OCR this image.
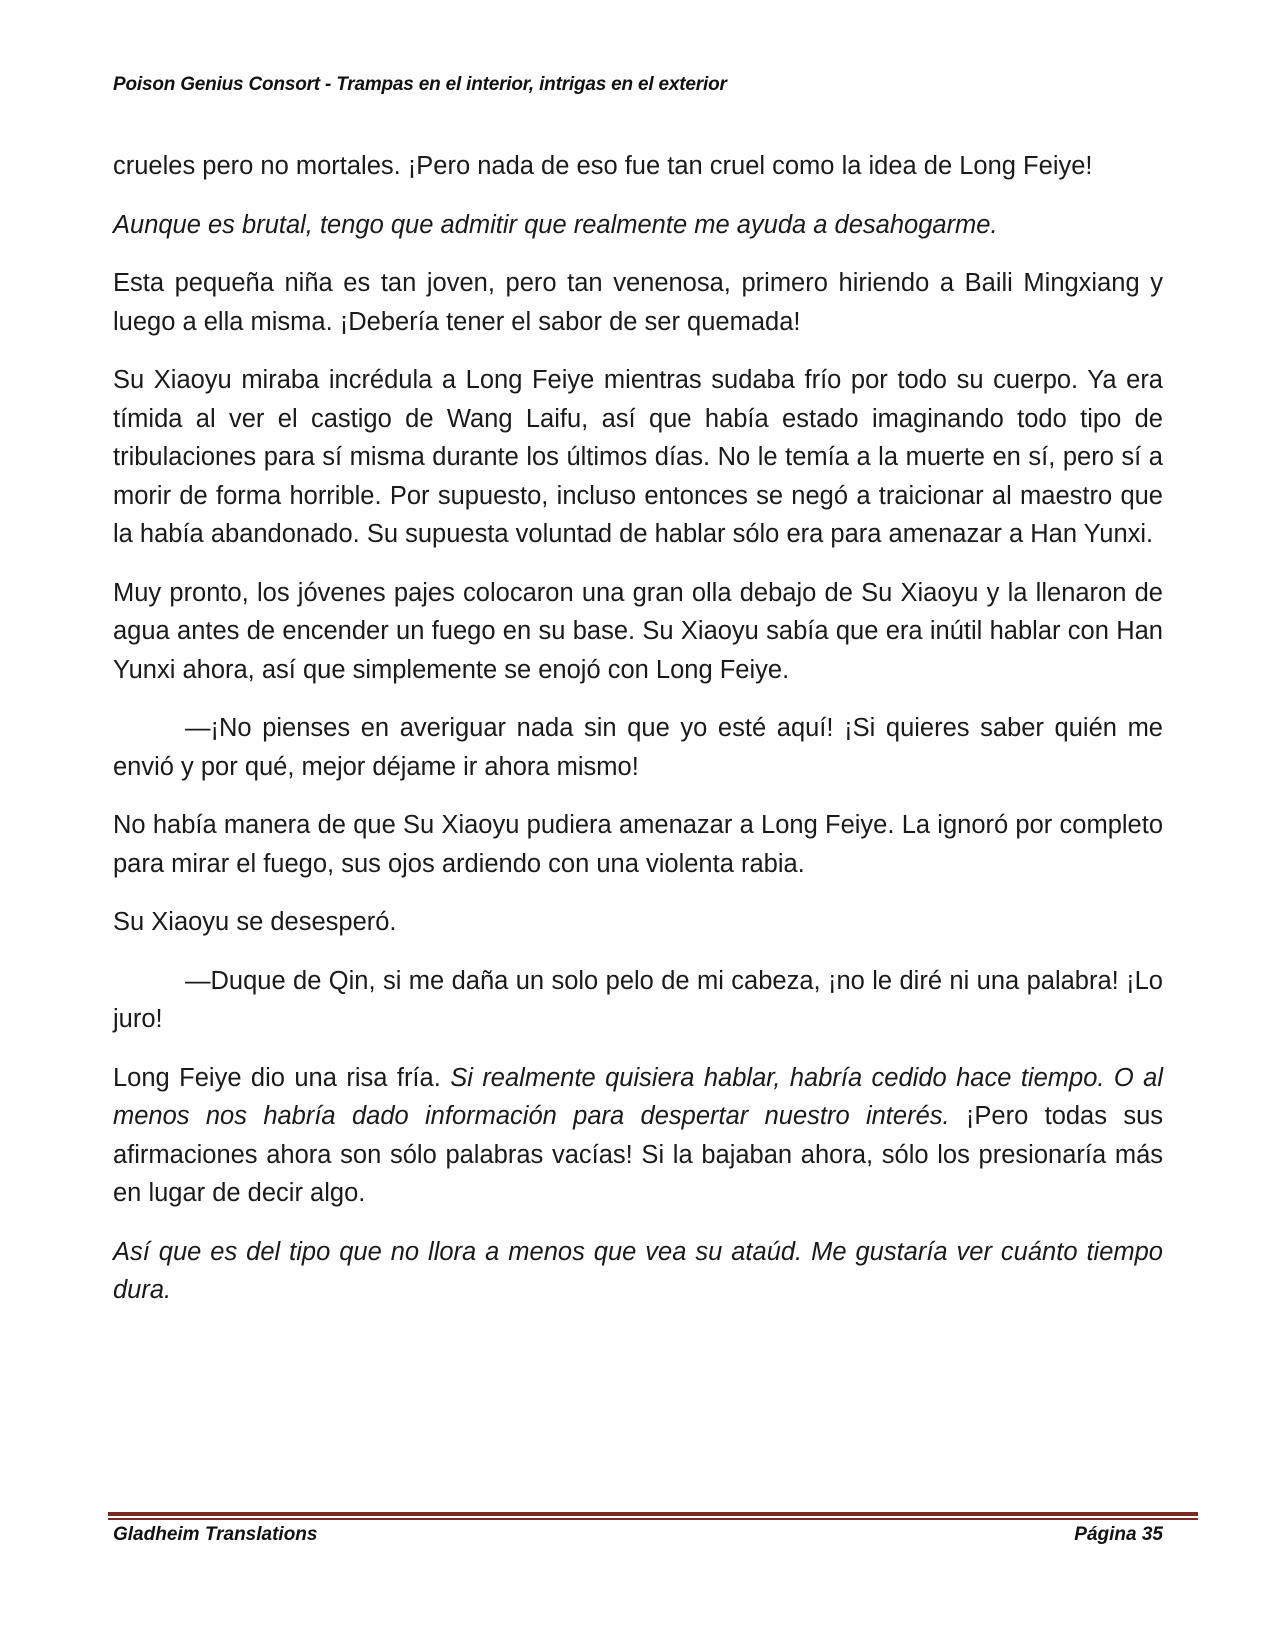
Poison Genius Consort - Trampas en el interior, intrigas en el exterior

crueles pero no mortales. ¡Pero nada de eso fue tan cruel como la idea de Long Feiye!

Aunque es brutal, tengo que admitir que realmente me ayuda a desahogarme.

Esta pequeña niña es tan joven, pero tan venenosa, primero hiriendo a Baili Mingxiang y luego a ella misma. ¡Debería tener el sabor de ser quemada!

Su Xiaoyu miraba incrédula a Long Feiye mientras sudaba frío por todo su cuerpo. Ya era tímida al ver el castigo de Wang Laifu, así que había estado imaginando todo tipo de tribulaciones para sí misma durante los últimos días. No le temía a la muerte en sí, pero sí a morir de forma horrible. Por supuesto, incluso entonces se negó a traicionar al maestro que la había abandonado. Su supuesta voluntad de hablar sólo era para amenazar a Han Yunxi.

Muy pronto, los jóvenes pajes colocaron una gran olla debajo de Su Xiaoyu y la llenaron de agua antes de encender un fuego en su base. Su Xiaoyu sabía que era inútil hablar con Han Yunxi ahora, así que simplemente se enojó con Long Feiye.

—¡No pienses en averiguar nada sin que yo esté aquí! ¡Si quieres saber quién me envió y por qué, mejor déjame ir ahora mismo!

No había manera de que Su Xiaoyu pudiera amenazar a Long Feiye. La ignoró por completo para mirar el fuego, sus ojos ardiendo con una violenta rabia.

Su Xiaoyu se desesperó.

—Duque de Qin, si me daña un solo pelo de mi cabeza, ¡no le diré ni una palabra! ¡Lo juro!

Long Feiye dio una risa fría. Si realmente quisiera hablar, habría cedido hace tiempo. O al menos nos habría dado información para despertar nuestro interés. ¡Pero todas sus afirmaciones ahora son sólo palabras vacías! Si la bajaban ahora, sólo los presionaría más en lugar de decir algo.

Así que es del tipo que no llora a menos que vea su ataúd. Me gustaría ver cuánto tiempo dura.

Gladheim Translations	Página 35
